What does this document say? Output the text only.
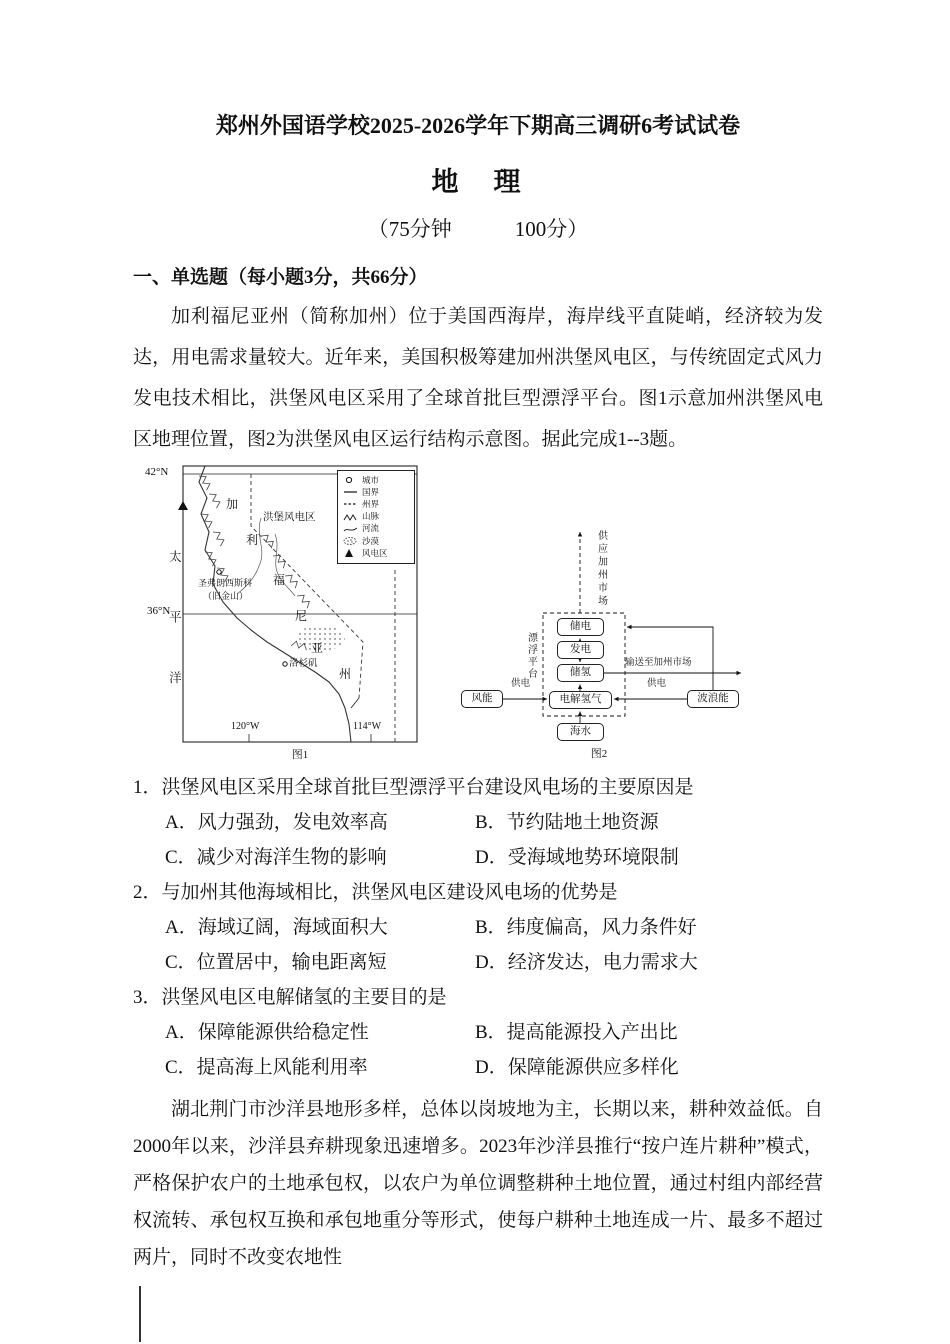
郑州外国语学校2025-2026学年下期高三调研6考试试卷
地　理
（75分钟　　　100分）
一、单选题（每小题3分，共66分）

加利福尼亚州（简称加州）位于美国西海岸，海岸线平直陡峭，经济较为发达，用电需求量较大。近年来，美国积极筹建加州洪堡风电区，与传统固定式风力发电技术相比，洪堡风电区采用了全球首批巨型漂浮平台。图1示意加州洪堡风电区地理位置，图2为洪堡风电区运行结构示意图。据此完成1--3题。

城市
国界
州界
山脉
河流
沙漠
风电区
42°N
36°N
120°W	114°W
太平洋
洪堡风电区
圣弗朗西斯科
（旧金山）
洛杉矶
加
利
福
尼
亚
州
图1
储电
发电
储氢
电解氢气
海水
风能	波浪能
供应加州市场
漂浮平台	输送至加州市场
供电	供电
图2
1．洪堡风电区采用全球首批巨型漂浮平台建设风电场的主要原因是
A．风力强劲，发电效率高	B．节约陆地土地资源
C．减少对海洋生物的影响	D．受海域地势环境限制
2．与加州其他海域相比，洪堡风电区建设风电场的优势是
A．海域辽阔，海域面积大	B．纬度偏高，风力条件好
C．位置居中，输电距离短	D．经济发达，电力需求大
3．洪堡风电区电解储氢的主要目的是
A．保障能源供给稳定性	B．提高能源投入产出比
C．提高海上风能利用率	D．保障能源供应多样化

湖北荆门市沙洋县地形多样，总体以岗坡地为主，长期以来，耕种效益低。自2000年以来，沙洋县弃耕现象迅速增多。2023年沙洋县推行“按户连片耕种”模式，严格保护农户的土地承包权，以农户为单位调整耕种土地位置，通过村组内部经营权流转、承包权互换和承包地重分等形式，使每户耕种土地连成一片、最多不超过两片，同时不改变农地性
